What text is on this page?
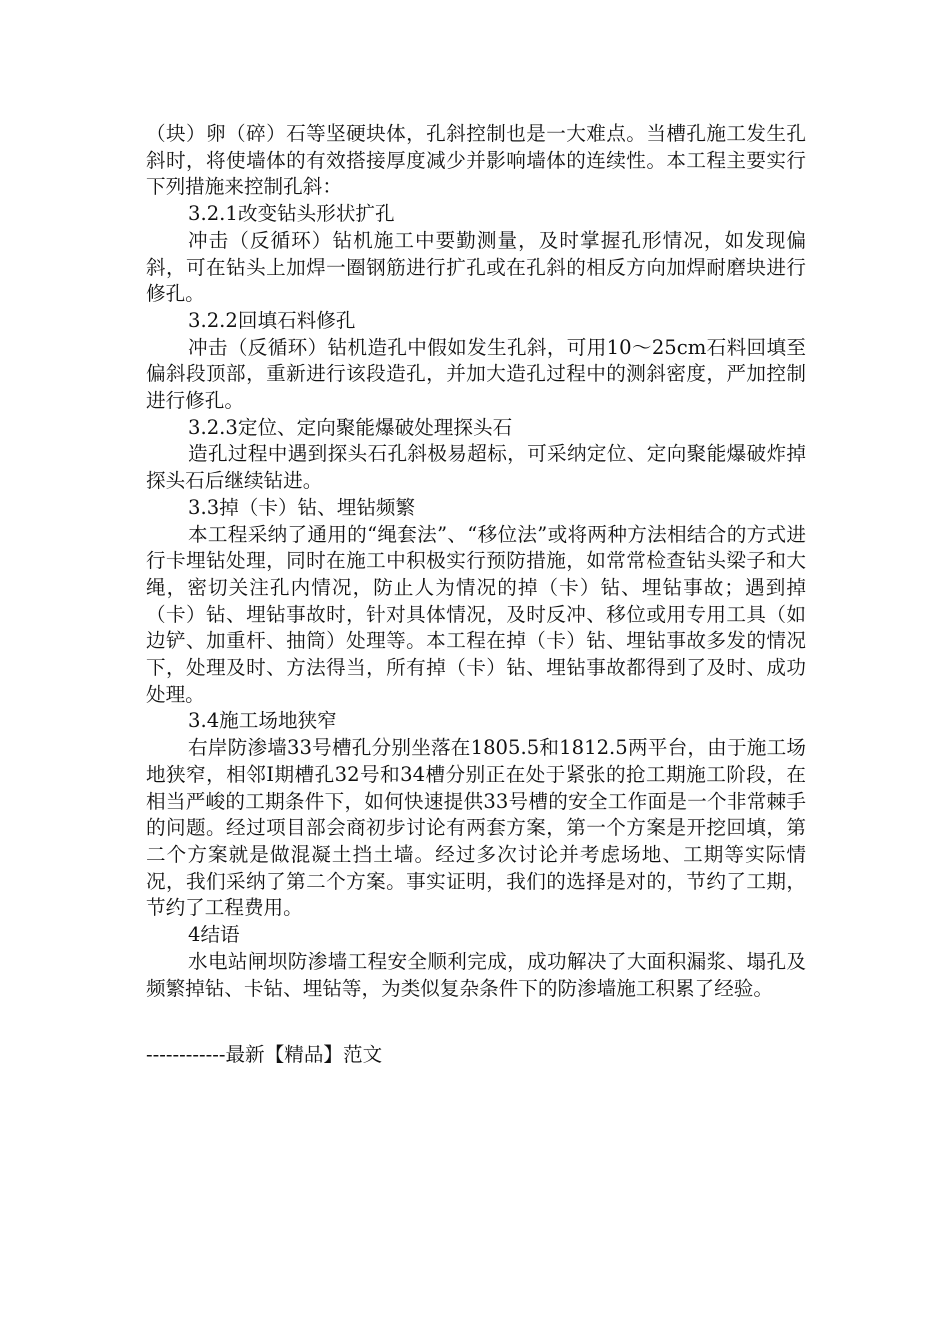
（块）卵（碎）石等坚硬块体，孔斜控制也是一大难点。当槽孔施工发生孔斜时，将使墙体的有效搭接厚度减少并影响墙体的连续性。本工程主要实行下列措施来控制孔斜：

3.2.1改变钻头形状扩孔

冲击（反循环）钻机施工中要勤测量，及时掌握孔形情况，如发现偏斜，可在钻头上加焊一圈钢筋进行扩孔或在孔斜的相反方向加焊耐磨块进行修孔。

3.2.2回填石料修孔

冲击（反循环）钻机造孔中假如发生孔斜，可用10～25cm石料回填至偏斜段顶部，重新进行该段造孔，并加大造孔过程中的测斜密度，严加控制进行修孔。

3.2.3定位、定向聚能爆破处理探头石

造孔过程中遇到探头石孔斜极易超标，可采纳定位、定向聚能爆破炸掉探头石后继续钻进。

3.3掉（卡）钻、埋钻频繁

本工程采纳了通用的“绳套法”、“移位法”或将两种方法相结合的方式进行卡埋钻处理，同时在施工中积极实行预防措施，如常常检查钻头梁子和大绳，密切关注孔内情况，防止人为情况的掉（卡）钻、埋钻事故；遇到掉（卡）钻、埋钻事故时，针对具体情况，及时反冲、移位或用专用工具（如边铲、加重杆、抽筒）处理等。本工程在掉（卡）钻、埋钻事故多发的情况下，处理及时、方法得当，所有掉（卡）钻、埋钻事故都得到了及时、成功处理。

3.4施工场地狭窄

右岸防渗墙33号槽孔分别坐落在1805.5和1812.5两平台，由于施工场地狭窄，相邻Ⅰ期槽孔32号和34槽分别正在处于紧张的抢工期施工阶段，在相当严峻的工期条件下，如何快速提供33号槽的安全工作面是一个非常棘手的问题。经过项目部会商初步讨论有两套方案，第一个方案是开挖回填，第二个方案就是做混凝土挡土墙。经过多次讨论并考虑场地、工期等实际情况，我们采纳了第二个方案。事实证明，我们的选择是对的，节约了工期，节约了工程费用。

4结语

水电站闸坝防渗墙工程安全顺利完成，成功解决了大面积漏浆、塌孔及频繁掉钻、卡钻、埋钻等，为类似复杂条件下的防渗墙施工积累了经验。

------------最新【精品】范文
